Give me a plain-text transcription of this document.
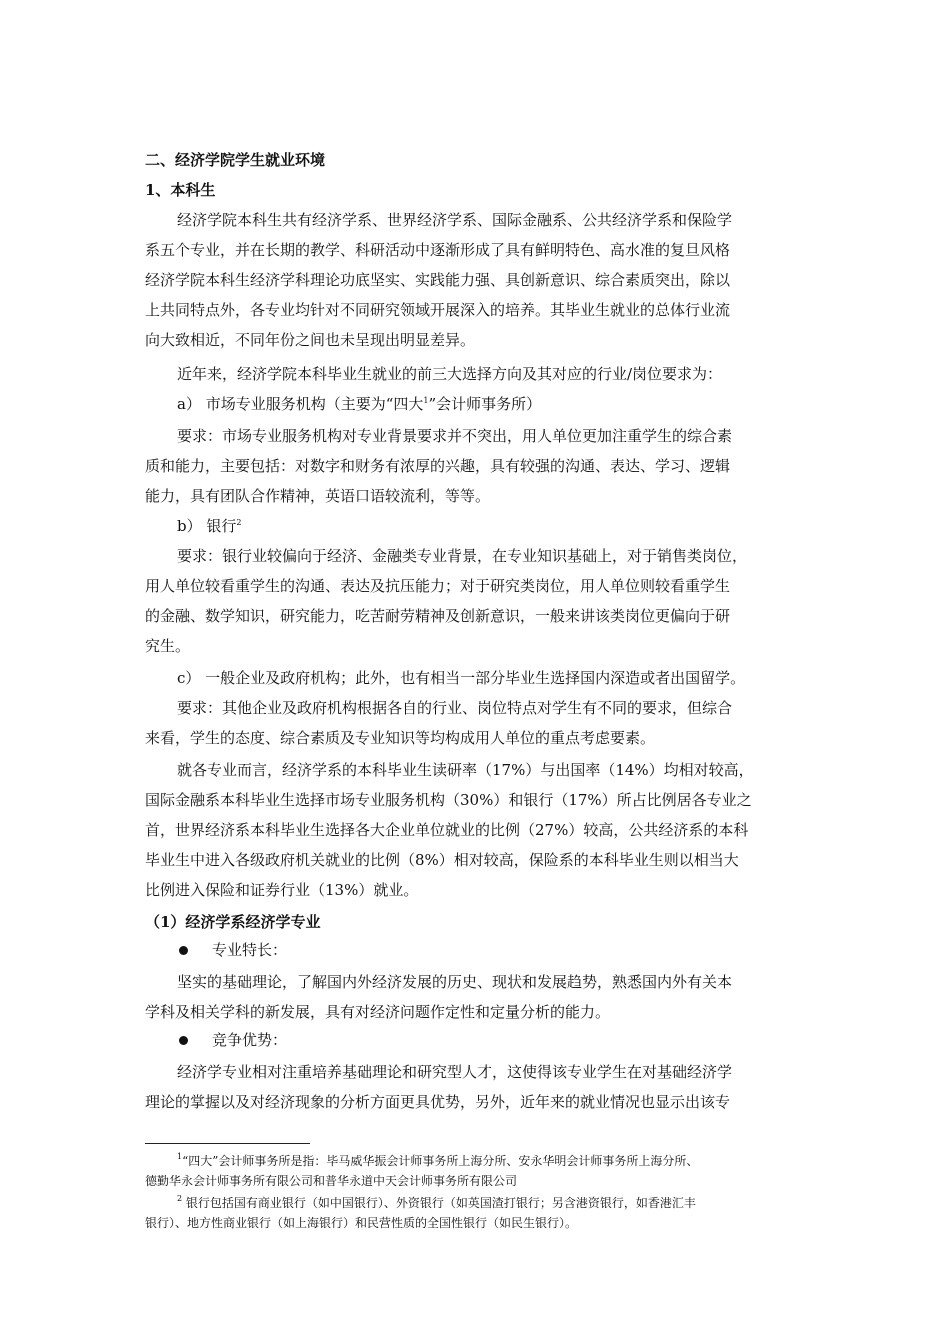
二、经济学院学生就业环境
1、本科生
经济学院本科生共有经济学系、世界经济学系、国际金融系、公共经济学系和保险学
系五个专业，并在长期的教学、科研活动中逐渐形成了具有鲜明特色、高水准的复旦风格
经济学院本科生经济学科理论功底坚实、实践能力强、具创新意识、综合素质突出，除以
上共同特点外，各专业均针对不同研究领域开展深入的培养。其毕业生就业的总体行业流
向大致相近，不同年份之间也未呈现出明显差异。
近年来，经济学院本科毕业生就业的前三大选择方向及其对应的行业/岗位要求为：
a） 市场专业服务机构（主要为“四大$^1$”会计师事务所）
要求：市场专业服务机构对专业背景要求并不突出，用人单位更加注重学生的综合素
质和能力，主要包括：对数字和财务有浓厚的兴趣，具有较强的沟通、表达、学习、逻辑
能力，具有团队合作精神，英语口语较流利，等等。
b） 银行$^2$
要求：银行业较偏向于经济、金融类专业背景，在专业知识基础上，对于销售类岗位，
用人单位较看重学生的沟通、表达及抗压能力；对于研究类岗位，用人单位则较看重学生
的金融、数学知识，研究能力，吃苦耐劳精神及创新意识，一般来讲该类岗位更偏向于研
究生。
c） 一般企业及政府机构；此外，也有相当一部分毕业生选择国内深造或者出国留学。
要求：其他企业及政府机构根据各自的行业、岗位特点对学生有不同的要求，但综合
来看，学生的态度、综合素质及专业知识等均构成用人单位的重点考虑要素。
就各专业而言，经济学系的本科毕业生读研率（17%）与出国率（14%）均相对较高，
国际金融系本科毕业生选择市场专业服务机构（30%）和银行（17%）所占比例居各专业之
首，世界经济系本科毕业生选择各大企业单位就业的比例（27%）较高，公共经济系的本科
毕业生中进入各级政府机关就业的比例（8%）相对较高，保险系的本科毕业生则以相当大
比例进入保险和证券行业（13%）就业。
（1）经济学系经济学专业
专业特长：
坚实的基础理论，了解国内外经济发展的历史、现状和发展趋势，熟悉国内外有关本
学科及相关学科的新发展，具有对经济问题作定性和定量分析的能力。
竞争优势：
经济学专业相对注重培养基础理论和研究型人才，这使得该专业学生在对基础经济学
理论的掌握以及对经济现象的分析方面更具优势，另外，近年来的就业情况也显示出该专
$^1$“四大”会计师事务所是指：毕马威华振会计师事务所上海分所、安永华明会计师事务所上海分所、
德勤华永会计师事务所有限公司和普华永道中天会计师事务所有限公司
$^2$ 银行包括国有商业银行（如中国银行）、外资银行（如英国渣打银行；另含港资银行，如香港汇丰
银行）、地方性商业银行（如上海银行）和民营性质的全国性银行（如民生银行）。
